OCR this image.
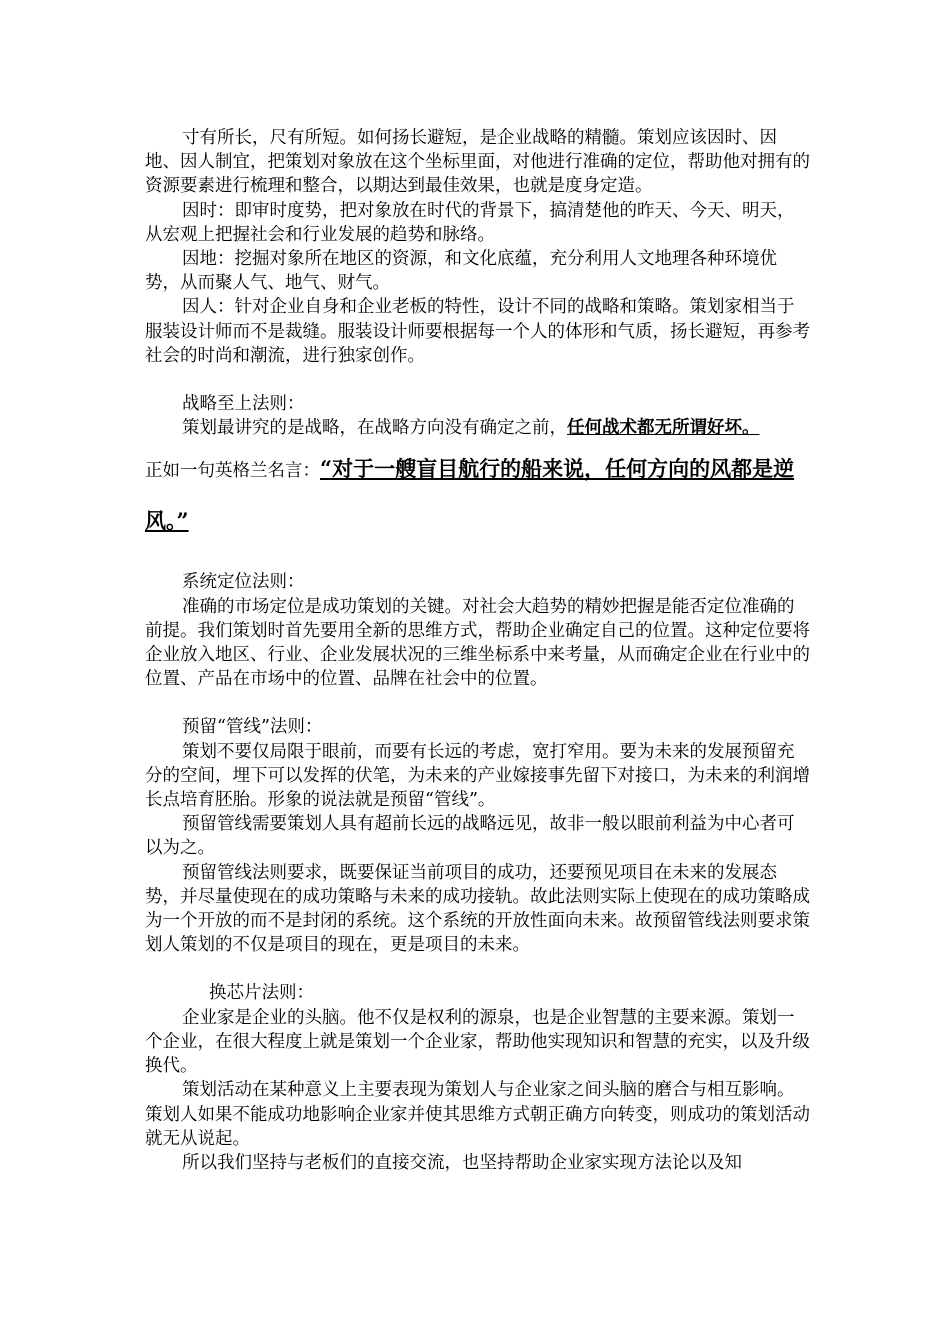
寸有所长，尺有所短。如何扬长避短，是企业战略的精髓。策划应该因时、因地、因人制宜，把策划对象放在这个坐标里面，对他进行准确的定位，帮助他对拥有的资源要素进行梳理和整合，以期达到最佳效果，也就是度身定造。

因时：即审时度势，把对象放在时代的背景下，搞清楚他的昨天、今天、明天，从宏观上把握社会和行业发展的趋势和脉络。

因地：挖掘对象所在地区的资源，和文化底蕴，充分利用人文地理各种环境优势，从而聚人气、地气、财气。

因人：针对企业自身和企业老板的特性，设计不同的战略和策略。策划家相当于服装设计师而不是裁缝。服装设计师要根据每一个人的体形和气质，扬长避短，再参考社会的时尚和潮流，进行独家创作。

战略至上法则：

策划最讲究的是战略，在战略方向没有确定之前，任何战术都无所谓好坏。

正如一句英格兰名言：“对于一艘盲目航行的船来说，任何方向的风都是逆风。”

系统定位法则：

准确的市场定位是成功策划的关键。对社会大趋势的精妙把握是能否定位准确的前提。我们策划时首先要用全新的思维方式，帮助企业确定自己的位置。这种定位要将企业放入地区、行业、企业发展状况的三维坐标系中来考量，从而确定企业在行业中的位置、产品在市场中的位置、品牌在社会中的位置。

预留“管线”法则：

策划不要仅局限于眼前，而要有长远的考虑，宽打窄用。要为未来的发展预留充分的空间，埋下可以发挥的伏笔，为未来的产业嫁接事先留下对接口，为未来的利润增长点培育胚胎。形象的说法就是预留“管线”。

预留管线需要策划人具有超前长远的战略远见，故非一般以眼前利益为中心者可以为之。

预留管线法则要求，既要保证当前项目的成功，还要预见项目在未来的发展态势，并尽量使现在的成功策略与未来的成功接轨。故此法则实际上使现在的成功策略成为一个开放的而不是封闭的系统。这个系统的开放性面向未来。故预留管线法则要求策划人策划的不仅是项目的现在，更是项目的未来。

换芯片法则：

企业家是企业的头脑。他不仅是权利的源泉，也是企业智慧的主要来源。策划一个企业，在很大程度上就是策划一个企业家，帮助他实现知识和智慧的充实，以及升级换代。

策划活动在某种意义上主要表现为策划人与企业家之间头脑的磨合与相互影响。策划人如果不能成功地影响企业家并使其思维方式朝正确方向转变，则成功的策划活动就无从说起。

所以我们坚持与老板们的直接交流，也坚持帮助企业家实现方法论以及知
